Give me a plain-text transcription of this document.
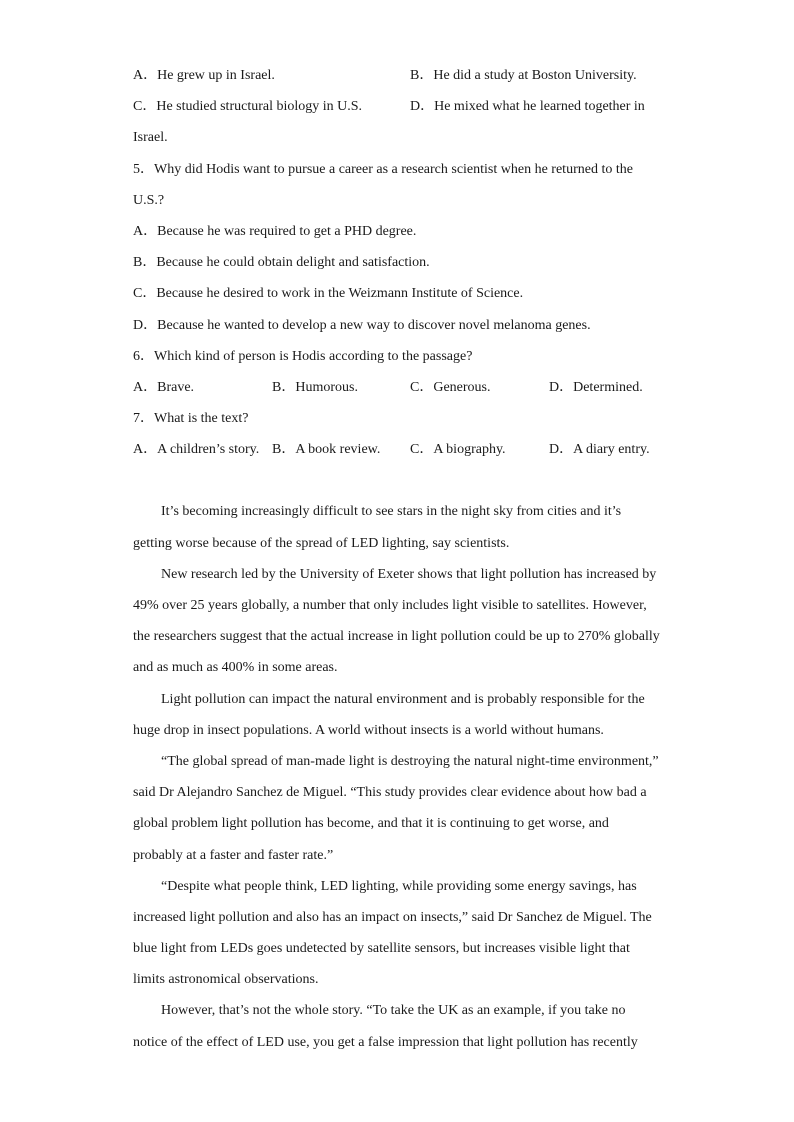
A．He grew up in Israel.	B．He did a study at Boston University.
C．He studied structural biology in U.S.	D．He mixed what he learned together in
Israel.
5．Why did Hodis want to pursue a career as a research scientist when he returned to the
U.S.?
A．Because he was required to get a PHD degree.
B．Because he could obtain delight and satisfaction.
C．Because he desired to work in the Weizmann Institute of Science.
D．Because he wanted to develop a new way to discover novel melanoma genes.
6．Which kind of person is Hodis according to the passage?
A．Brave.	B．Humorous.	C．Generous.	D．Determined.
7．What is the text?
A．A children’s story. B．A book review. C．A biography.	D．A diary entry.
It’s becoming increasingly difficult to see stars in the night sky from cities and it’s
getting worse because of the spread of LED lighting, say scientists.
New research led by the University of Exeter shows that light pollution has increased by
49% over 25 years globally, a number that only includes light visible to satellites. However,
the researchers suggest that the actual increase in light pollution could be up to 270% globally
and as much as 400% in some areas.
Light pollution can impact the natural environment and is probably responsible for the
huge drop in insect populations. A world without insects is a world without humans.
“The global spread of man-made light is destroying the natural night-time environment,”
said Dr Alejandro Sanchez de Miguel. “This study provides clear evidence about how bad a
global problem light pollution has become, and that it is continuing to get worse, and
probably at a faster and faster rate.”
“Despite what people think, LED lighting, while providing some energy savings, has
increased light pollution and also has an impact on insects,” said Dr Sanchez de Miguel. The
blue light from LEDs goes undetected by satellite sensors, but increases visible light that
limits astronomical observations.
However, that’s not the whole story. “To take the UK as an example, if you take no
notice of the effect of LED use, you get a false impression that light pollution has recently
